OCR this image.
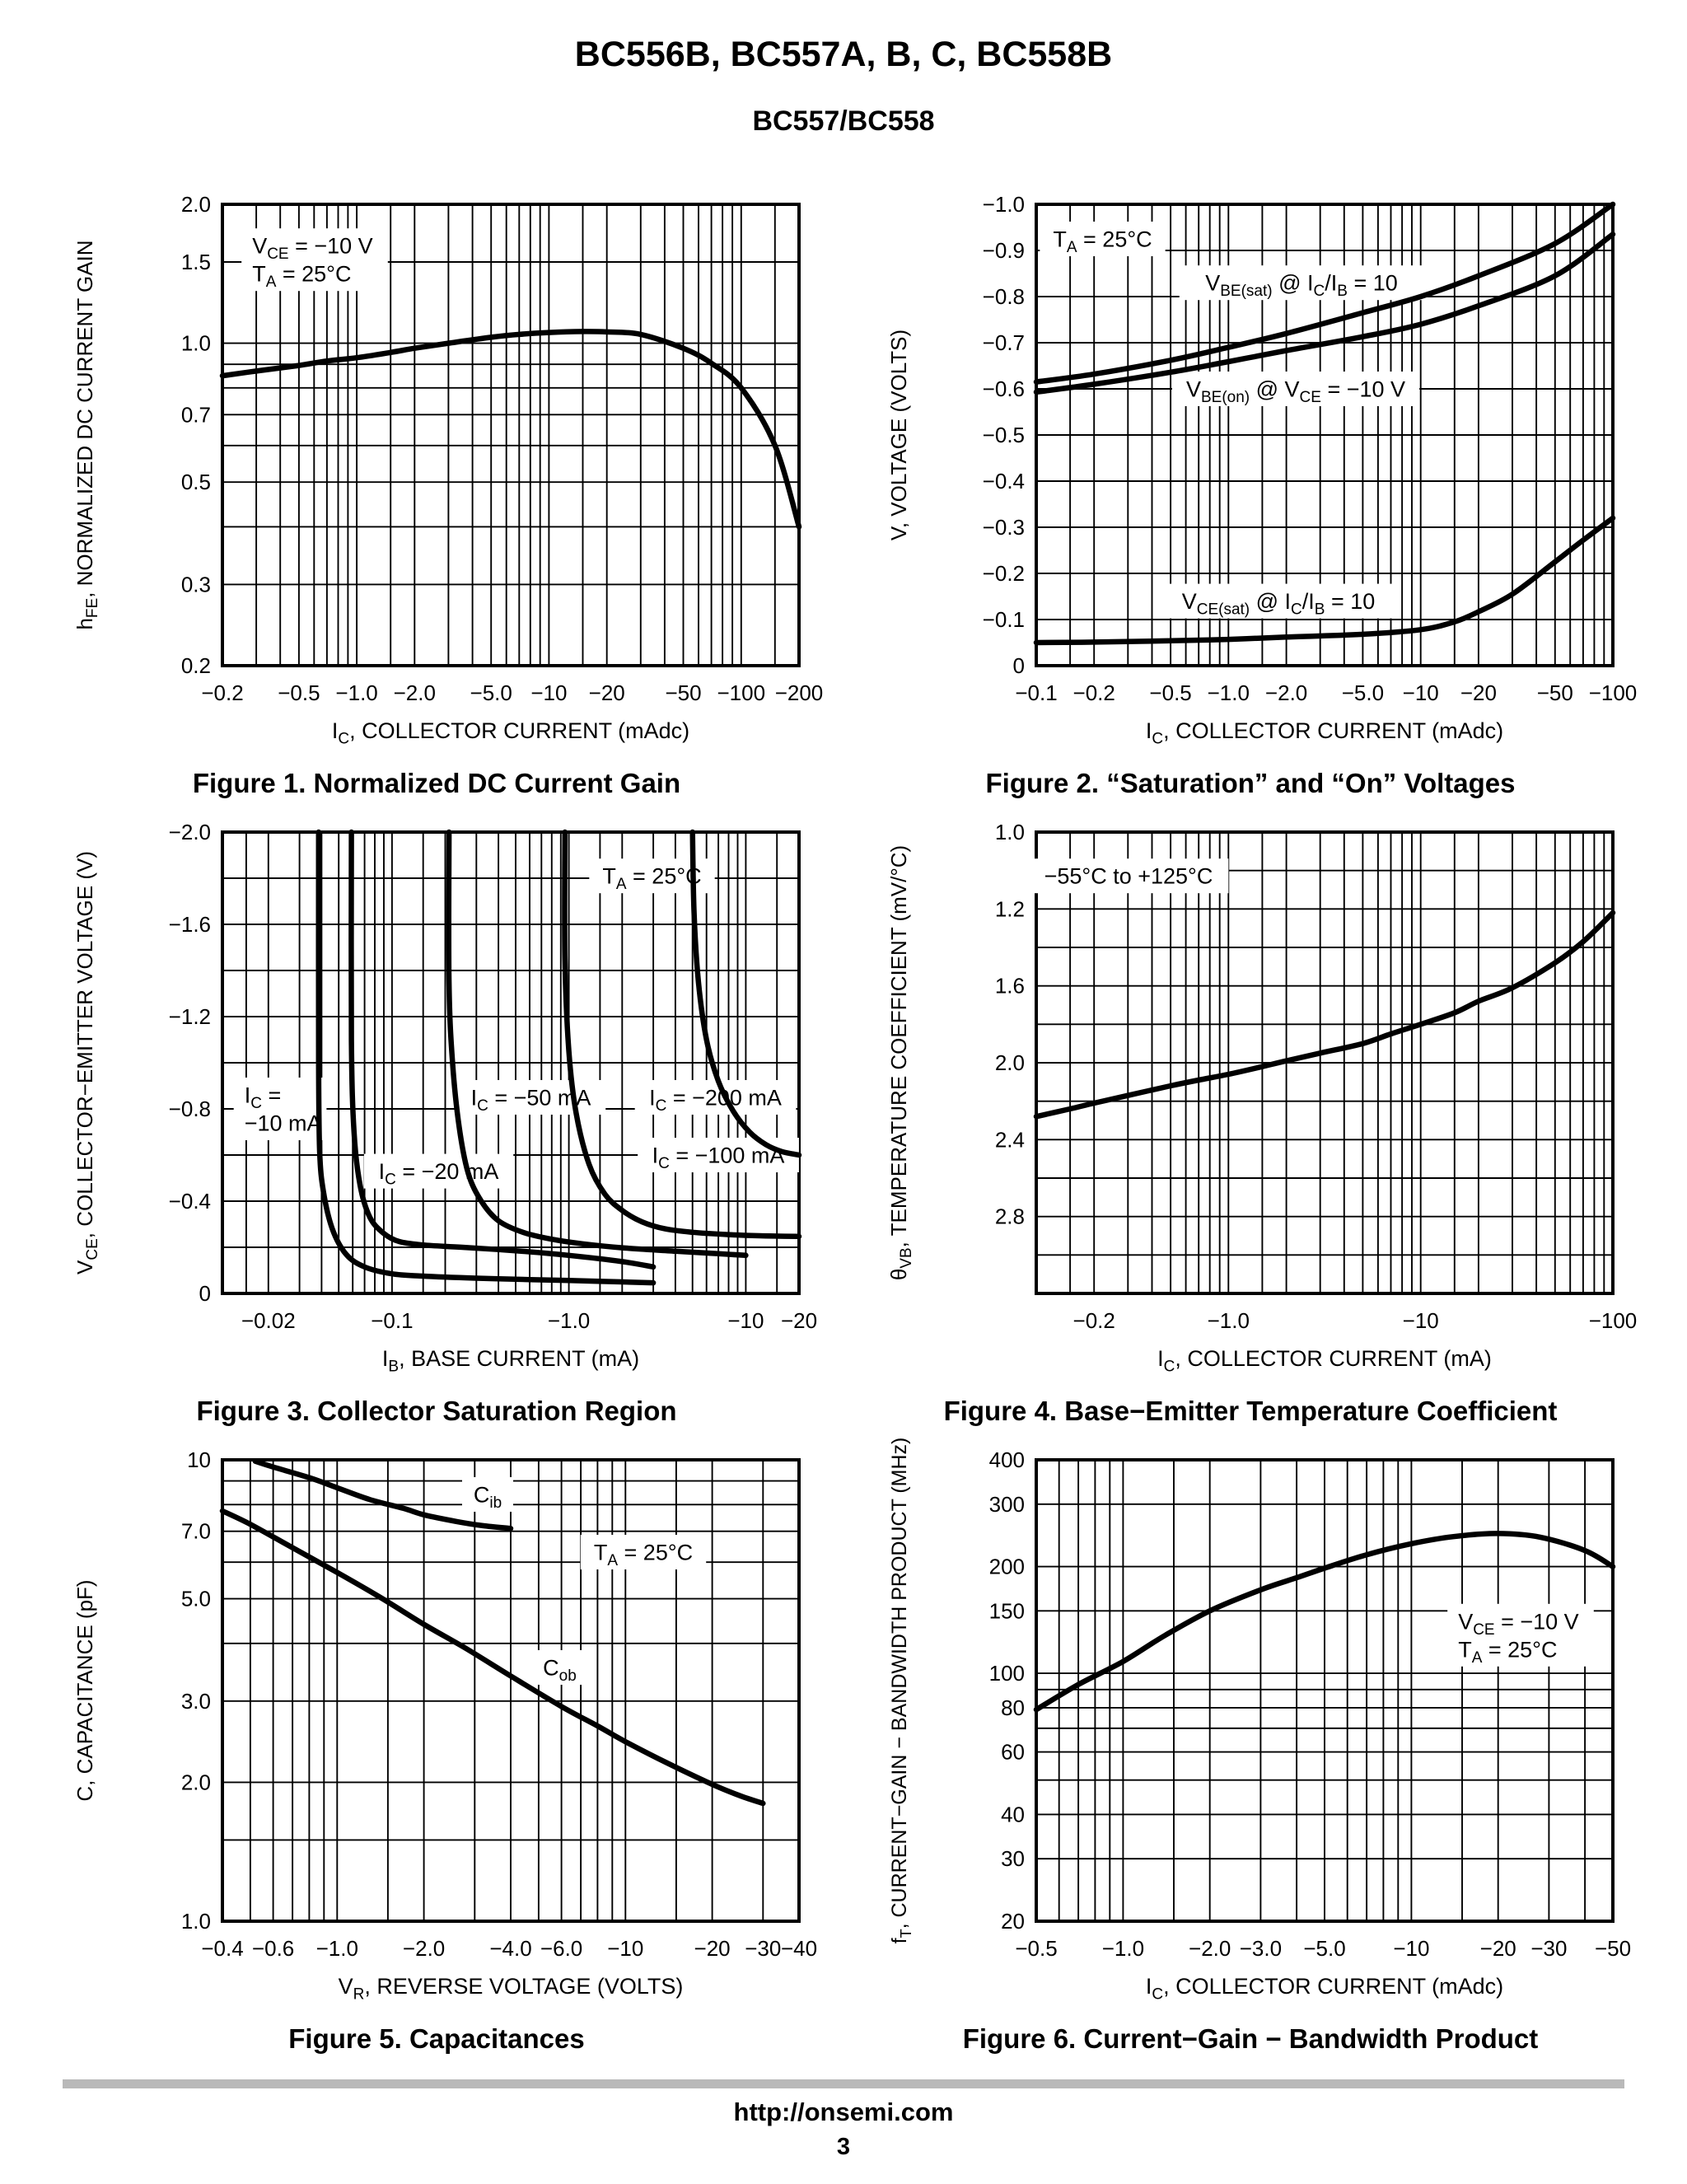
BC556B, BC557A, B, C, BC558B
BC557/BC558
$V_{CE} = -10$ V
$T_A = 25^\circ C$
−0.2 −0.5 −1.0 −2.0 −5.0 −10 −20 −50 −100 −200
2.0
1.5
1.0
0.7
0.5
0.3
0.2
$I_C$, COLLECTOR CURRENT (mAdc)
$h_{FE}$, NORMALIZED DC CURRENT GAIN
Figure 1. Normalized DC Current Gain
$T_A = 25^\circ C$
$V_{BE(sat)}$ @ $I_C/I_B = 10$
$V_{BE(on)}$ @ $V_{CE} = -10$ V
$V_{CE(sat)}$ @ $I_C/I_B = 10$
−0.1 −0.2 −0.5 −1.0 −2.0 −5.0 −10 −20 −50 −100
−1.0
−0.9
−0.8
−0.7
−0.6
−0.5
−0.4
−0.3
−0.2
−0.1
0
$I_C$, COLLECTOR CURRENT (mAdc)
V, VOLTAGE (VOLTS)
Figure 2. “Saturation” and “On” Voltages
$T_A = 25^\circ C$
$I_C$ =
−10 mA
$I_C = -20$ mA
$I_C = -50$ mA	$I_C = -200$ mA
$I_C = -100$ mA
−0.02	−0.1	−1.0	−10 −20
−2.0
−1.6
−1.2
−0.8
−0.4
0
$I_B$, BASE CURRENT (mA)
$V_{CE}$, COLLECTOR−EMITTER VOLTAGE (V)
Figure 3. Collector Saturation Region
−55°C to +125°C
−0.2	−1.0	−10	−100
1.0
1.2
1.6
2.0
2.4
2.8
$I_C$, COLLECTOR CURRENT (mA)
$\theta_{VB}$, TEMPERATURE COEFFICIENT (mV/°C)
Figure 4. Base−Emitter Temperature Coefficient
$C_{ib}$
$T_A = 25^\circ C$
$C_{ob}$
−0.4 −0.6 −1.0 −2.0 −4.0 −6.0 −10 −20 −30 −40
10
7.0
5.0
3.0
2.0
1.0
$V_R$, REVERSE VOLTAGE (VOLTS)
C, CAPACITANCE (pF)
Figure 5. Capacitances
$V_{CE} = -10$ V
$T_A = 25^\circ C$
−0.5 −1.0 −2.0 −3.0 −5.0 −10 −20 −30 −50
400
300
200
150
100
80
60
40
30
20
$I_C$, COLLECTOR CURRENT (mAdc)
$f_T$, CURRENT−GAIN − BANDWIDTH PRODUCT (MHz)
Figure 6. Current−Gain − Bandwidth Product
http://onsemi.com
3
